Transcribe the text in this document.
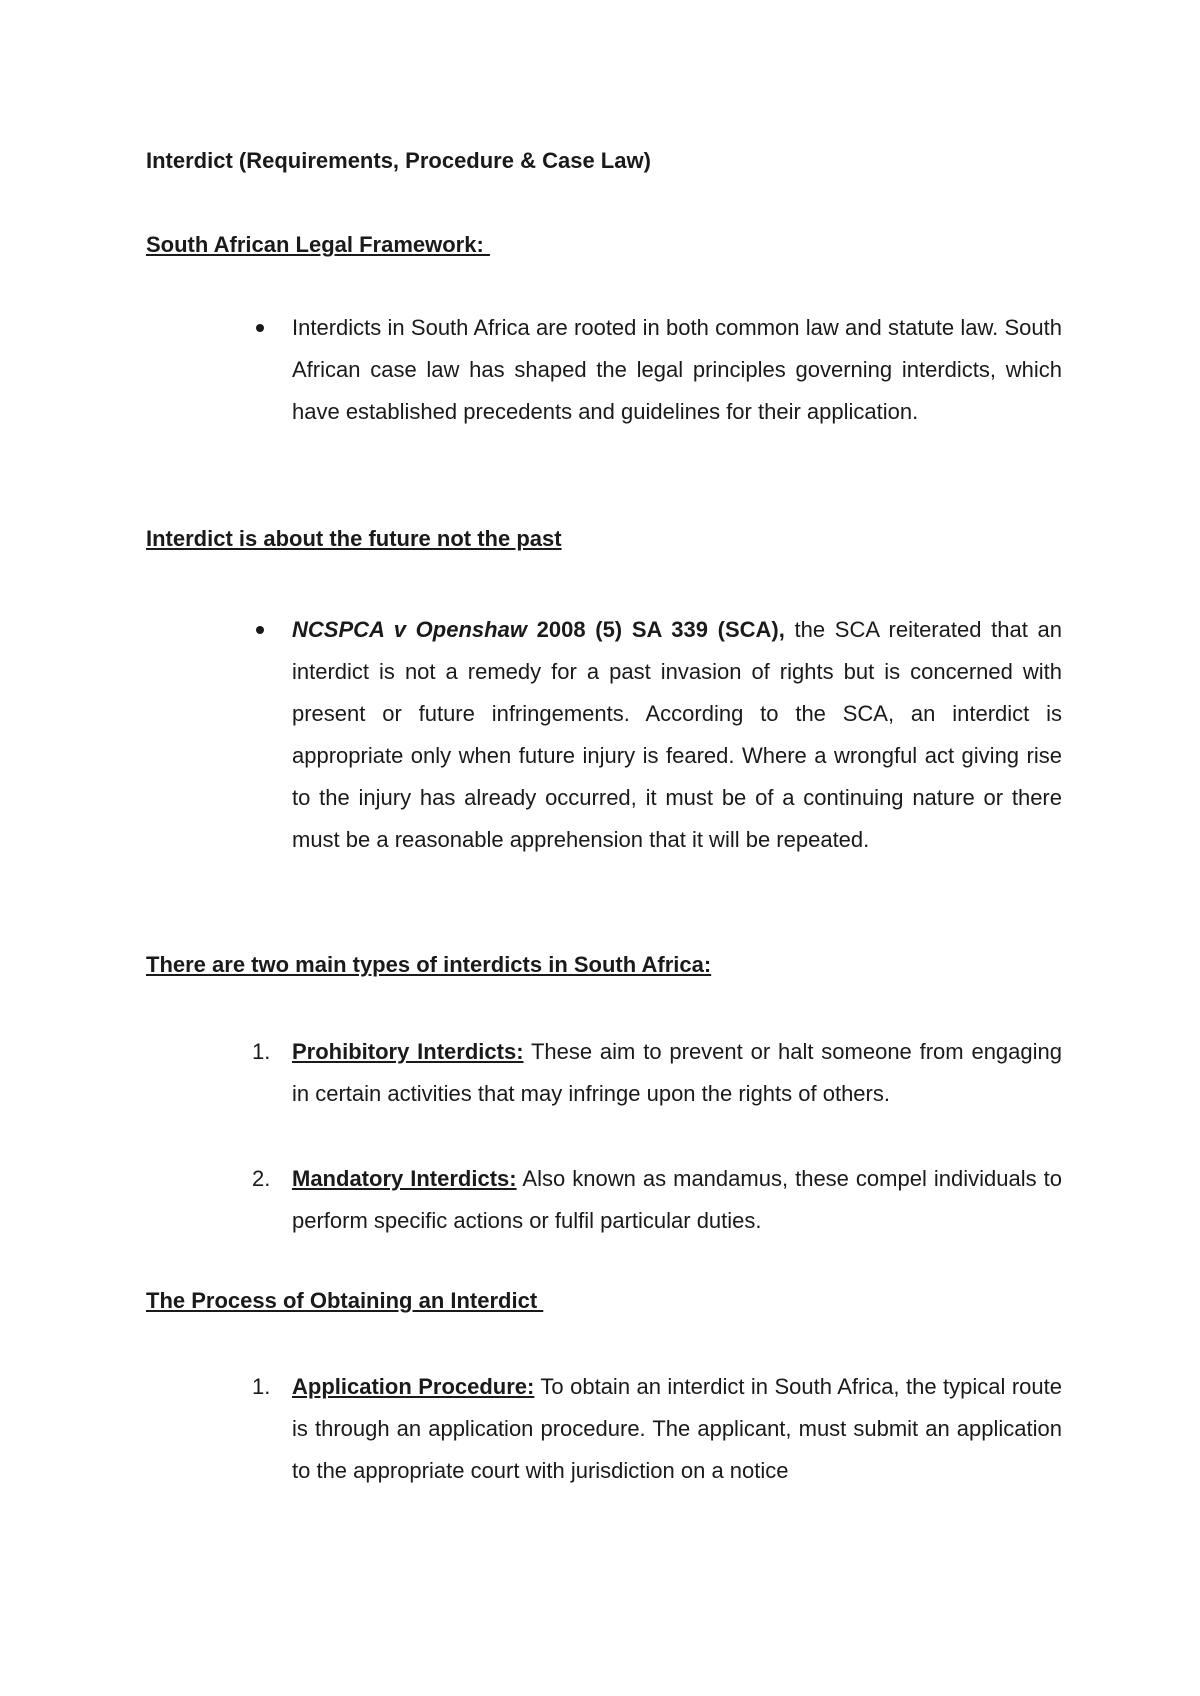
Interdict (Requirements, Procedure & Case Law)
South African Legal Framework:

Interdicts in South Africa are rooted in both common law and statute law. South African case law has shaped the legal principles governing interdicts, which have established precedents and guidelines for their application.

Interdict is about the future not the past

NCSPCA v Openshaw 2008 (5) SA 339 (SCA), the SCA reiterated that an interdict is not a remedy for a past invasion of rights but is concerned with present or future infringements. According to the SCA, an interdict is appropriate only when future injury is feared. Where a wrongful act giving rise to the injury has already occurred, it must be of a continuing nature or there must be a reasonable apprehension that it will be repeated.

There are two main types of interdicts in South Africa:
1. Prohibitory Interdicts: These aim to prevent or halt someone from engaging in certain activities that may infringe upon the rights of others.

2. Mandatory Interdicts: Also known as mandamus, these compel individuals to perform specific actions or fulfil particular duties.

The Process of Obtaining an Interdict
1. Application Procedure: To obtain an interdict in South Africa, the typical route is through an application procedure. The applicant, must submit an application to the appropriate court with jurisdiction on a notice
